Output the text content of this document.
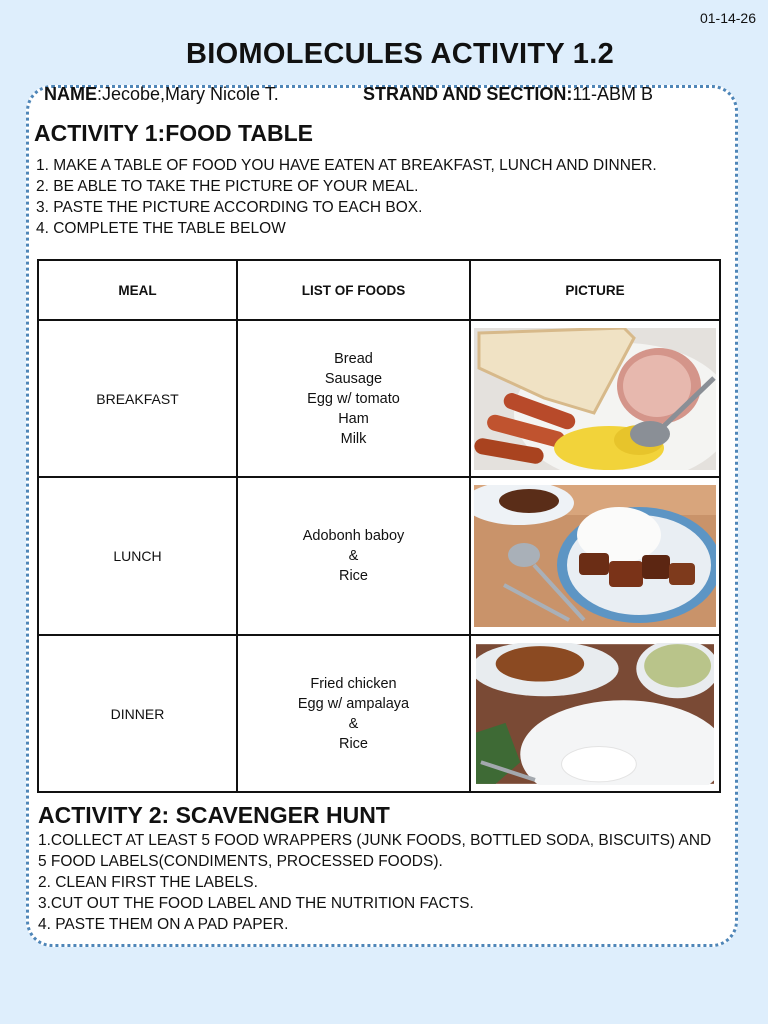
01-14-26
BIOMOLECULES ACTIVITY 1.2
NAME:Jecobe,Mary Nicole T.	STRAND AND SECTION:11-ABM B
ACTIVITY 1:FOOD TABLE
1. MAKE A TABLE OF FOOD YOU HAVE EATEN AT BREAKFAST, LUNCH AND DINNER.
2. BE ABLE TO TAKE THE PICTURE OF YOUR MEAL.
3. PASTE THE PICTURE ACCORDING TO EACH BOX.
4. COMPLETE THE TABLE BELOW
MEAL	LIST OF FOODS	PICTURE
BREAKFAST	Bread
Sausage
Egg w/ tomato
Ham
Milk

LUNCH	Adobonh baboy
&
Rice

DINNER	Fried chicken
Egg w/ ampalaya
&
Rice

ACTIVITY 2: SCAVENGER HUNT
1.COLLECT AT LEAST 5 FOOD WRAPPERS (JUNK FOODS, BOTTLED SODA, BISCUITS) AND 5 FOOD LABELS(CONDIMENTS, PROCESSED FOODS).
2. CLEAN FIRST THE LABELS.
3.CUT OUT THE FOOD LABEL AND THE NUTRITION FACTS.
4. PASTE THEM ON A PAD PAPER.
